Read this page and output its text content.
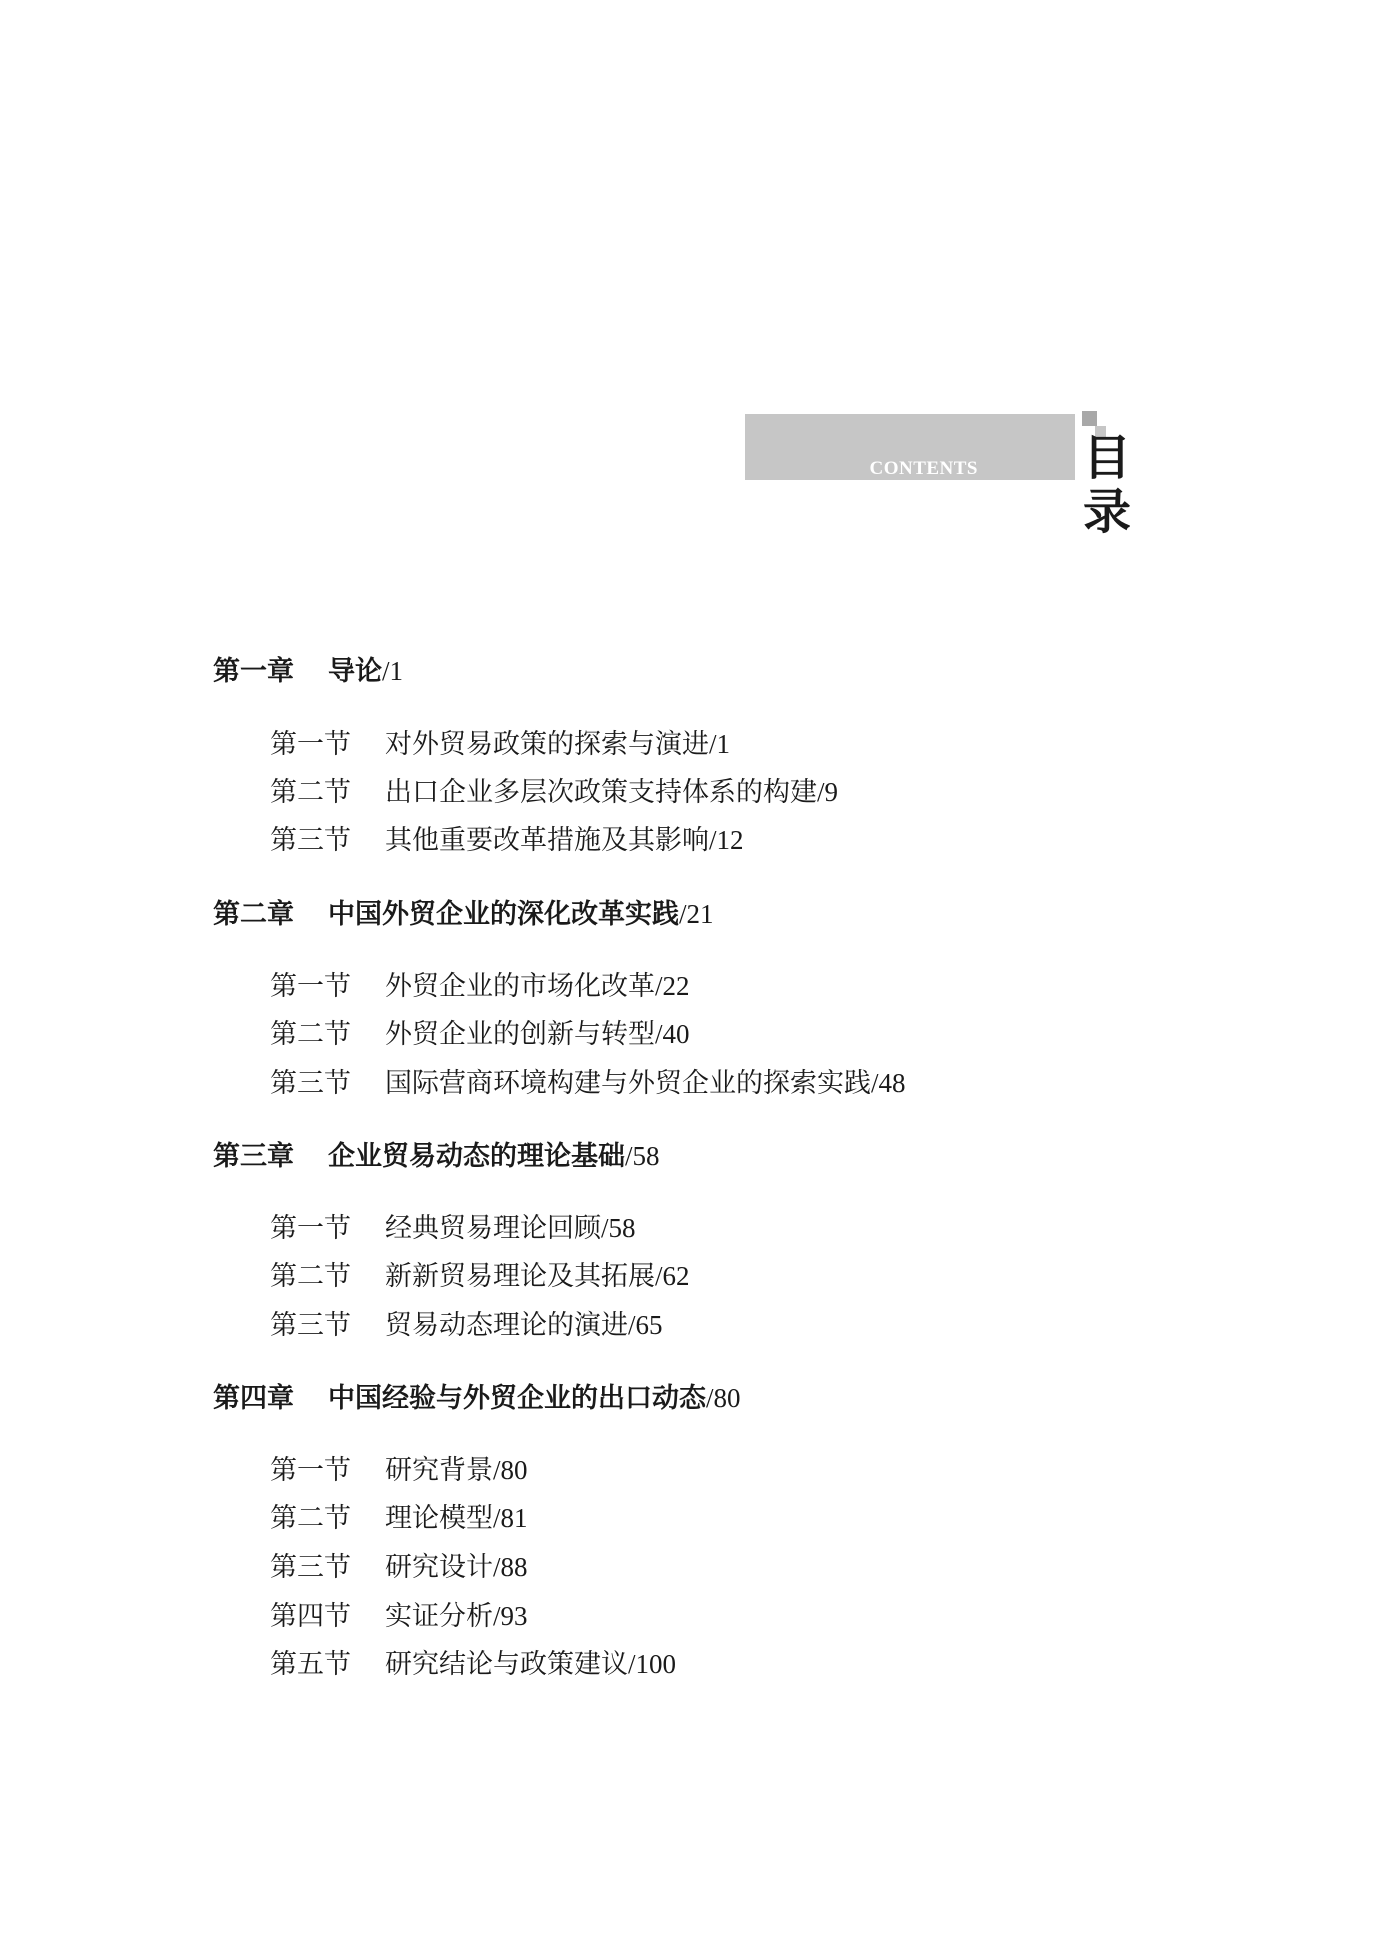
CONTENTS 目录
第一章 导论/1
第一节 对外贸易政策的探索与演进/1
第二节 出口企业多层次政策支持体系的构建/9
第三节 其他重要改革措施及其影响/12
第二章 中国外贸企业的深化改革实践/21
第一节 外贸企业的市场化改革/22
第二节 外贸企业的创新与转型/40
第三节 国际营商环境构建与外贸企业的探索实践/48
第三章 企业贸易动态的理论基础/58
第一节 经典贸易理论回顾/58
第二节 新新贸易理论及其拓展/62
第三节 贸易动态理论的演进/65
第四章 中国经验与外贸企业的出口动态/80
第一节 研究背景/80
第二节 理论模型/81
第三节 研究设计/88
第四节 实证分析/93
第五节 研究结论与政策建议/100
